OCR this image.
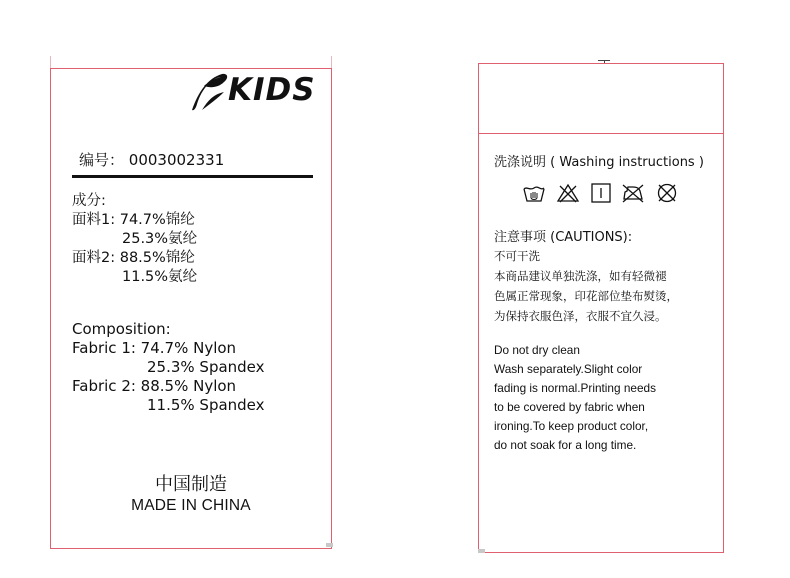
KIDS
编号： 0003002331
成分:
面料1: 74.7%锦纶
25.3%氨纶
面料2: 88.5%锦纶
11.5%氨纶
Composition:
Fabric 1: 74.7% Nylon
25.3% Spandex
Fabric 2: 88.5% Nylon
11.5% Spandex
中国制造
MADE IN CHINA
洗涤说明 ( Washing instructions )
注意事项 (CAUTIONS):
不可干洗
本商品建议单独洗涤，如有轻微褪
色属正常现象，印花部位垫布熨烫，
为保持衣服色泽，衣服不宜久浸。
Do not dry clean
Wash separately.Slight color
fading is normal.Printing needs
to be covered by fabric when
ironing.To keep product color,
do not soak for a long time.
